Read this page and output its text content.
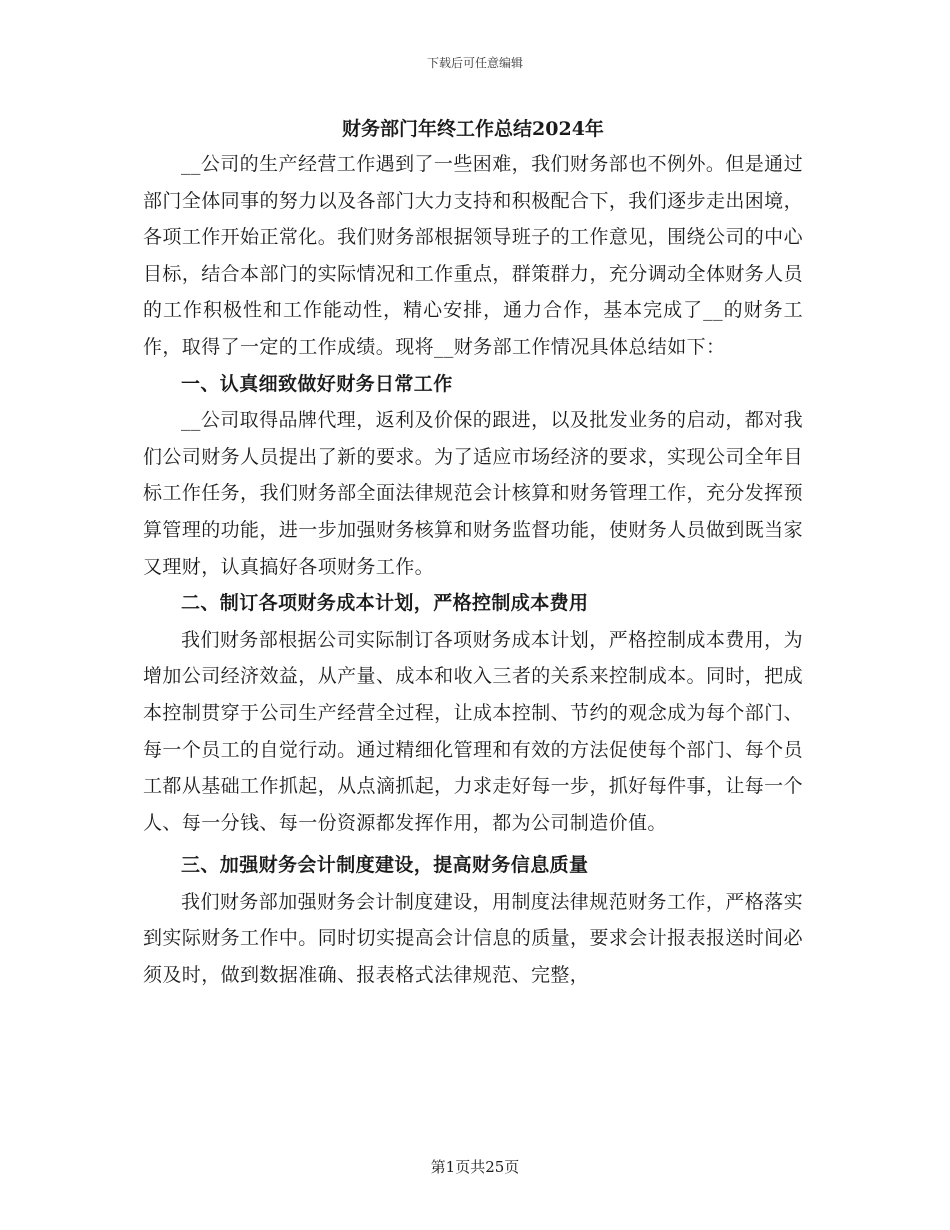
下载后可任意编辑
财务部门年终工作总结2024年

__公司的生产经营工作遇到了一些困难，我们财务部也不例外。但是通过部门全体同事的努力以及各部门大力支持和积极配合下，我们逐步走出困境，各项工作开始正常化。我们财务部根据领导班子的工作意见，围绕公司的中心目标，结合本部门的实际情况和工作重点，群策群力，充分调动全体财务人员的工作积极性和工作能动性，精心安排，通力合作，基本完成了__的财务工作，取得了一定的工作成绩。现将__财务部工作情况具体总结如下：

一、认真细致做好财务日常工作

__公司取得品牌代理，返利及价保的跟进，以及批发业务的启动，都对我们公司财务人员提出了新的要求。为了适应市场经济的要求，实现公司全年目标工作任务，我们财务部全面法律规范会计核算和财务管理工作，充分发挥预算管理的功能，进一步加强财务核算和财务监督功能，使财务人员做到既当家又理财，认真搞好各项财务工作。

二、制订各项财务成本计划，严格控制成本费用

我们财务部根据公司实际制订各项财务成本计划，严格控制成本费用，为增加公司经济效益，从产量、成本和收入三者的关系来控制成本。同时，把成本控制贯穿于公司生产经营全过程，让成本控制、节约的观念成为每个部门、每一个员工的自觉行动。通过精细化管理和有效的方法促使每个部门、每个员工都从基础工作抓起，从点滴抓起，力求走好每一步，抓好每件事，让每一个人、每一分钱、每一份资源都发挥作用，都为公司制造价值。

三、加强财务会计制度建设，提高财务信息质量

我们财务部加强财务会计制度建设，用制度法律规范财务工作，严格落实到实际财务工作中。同时切实提高会计信息的质量，要求会计报表报送时间必须及时，做到数据准确、报表格式法律规范、完整，

第1页共25页
